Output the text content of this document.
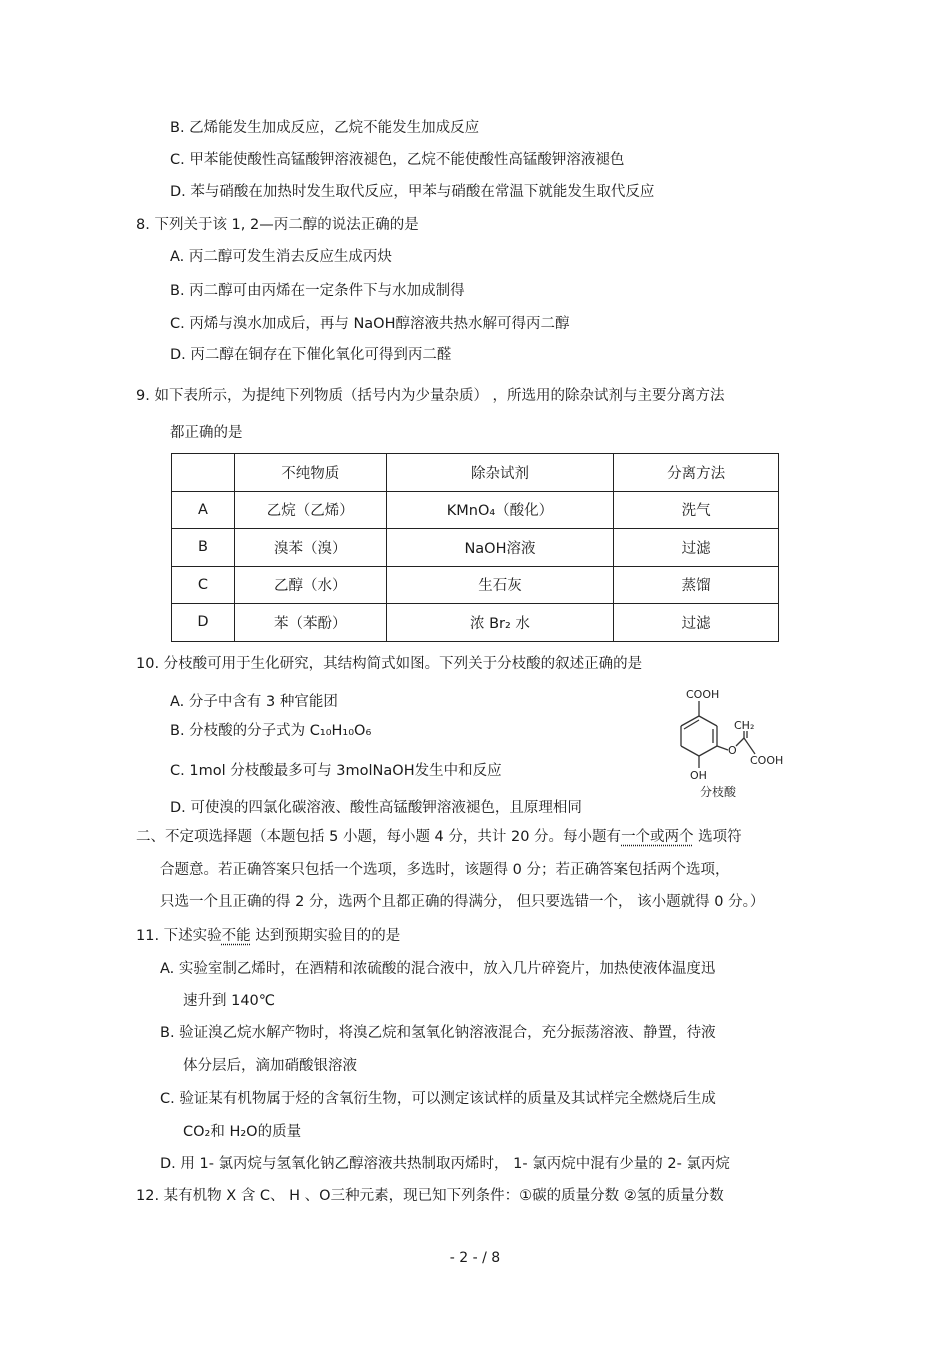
B. 乙烯能发生加成反应，乙烷不能发生加成反应
C. 甲苯能使酸性高锰酸钾溶液褪色，乙烷不能使酸性高锰酸钾溶液褪色
D. 苯与硝酸在加热时发生取代反应，甲苯与硝酸在常温下就能发生取代反应
8. 下列关于该 1, 2—丙二醇的说法正确的是
A. 丙二醇可发生消去反应生成丙炔
B. 丙二醇可由丙烯在一定条件下与水加成制得
C. 丙烯与溴水加成后，再与 NaOH醇溶液共热水解可得丙二醇
D. 丙二醇在铜存在下催化氧化可得到丙二醛
9. 如下表所示，为提纯下列物质（括号内为少量杂质） ，所选用的除杂试剂与主要分离方法
都正确的是
	不纯物质	除杂试剂	分离方法
A	乙烷（乙烯）	KMnO₄（酸化）	洗气
B	溴苯（溴）	NaOH溶液	过滤
C	乙醇（水）	生石灰	蒸馏
D	苯（苯酚）	浓 Br₂ 水	过滤
10. 分枝酸可用于生化研究，其结构简式如图。下列关于分枝酸的叙述正确的是
A. 分子中含有 3 种官能团
B. 分枝酸的分子式为 C₁₀H₁₀O₆
C. 1mol 分枝酸最多可与 3molNaOH发生中和反应
D. 可使溴的四氯化碳溶液、酸性高锰酸钾溶液褪色，且原理相同
COOH
CH₂
O
COOH
OH
分枝酸
二、不定项选择题（本题包括 5 小题，每小题 4 分，共计 20 分。每小题有一个或两个 选项符
合题意。若正确答案只包括一个选项，多选时，该题得 0 分；若正确答案包括两个选项，
只选一个且正确的得 2 分，选两个且都正确的得满分， 但只要选错一个， 该小题就得 0 分。）
11. 下述实验不能 达到预期实验目的的是
A. 实验室制乙烯时，在酒精和浓硫酸的混合液中，放入几片碎瓷片，加热使液体温度迅
速升到 140℃
B. 验证溴乙烷水解产物时，将溴乙烷和氢氧化钠溶液混合，充分振荡溶液、静置，待液
体分层后，滴加硝酸银溶液
C. 验证某有机物属于烃的含氧衍生物，可以测定该试样的质量及其试样完全燃烧后生成
CO₂和 H₂O的质量
D. 用 1- 氯丙烷与氢氧化钠乙醇溶液共热制取丙烯时， 1- 氯丙烷中混有少量的 2- 氯丙烷
12. 某有机物 X 含 C、 H 、O三种元素，现已知下列条件：①碳的质量分数 ②氢的质量分数
- 2 - / 8
